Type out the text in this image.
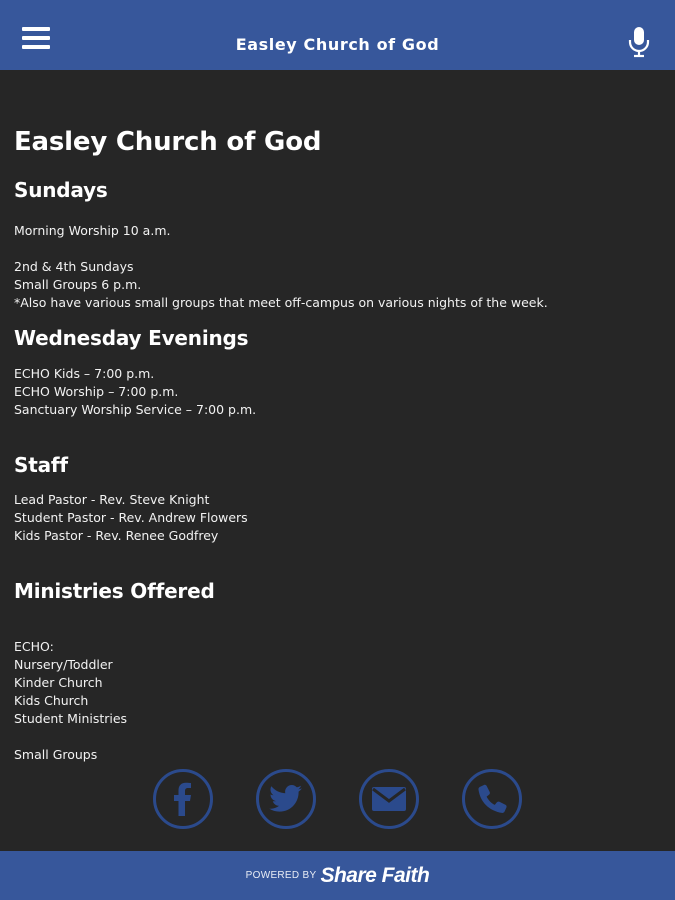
Easley Church of God
Easley Church of God
Sundays
Morning Worship 10 a.m.
2nd & 4th Sundays
Small Groups 6 p.m.
*Also have various small groups that meet off-campus on various nights of the week.
Wednesday Evenings
ECHO Kids – 7:00 p.m.
ECHO Worship – 7:00 p.m.
Sanctuary Worship Service – 7:00 p.m.
Staff
Lead Pastor - Rev. Steve Knight
Student Pastor - Rev. Andrew Flowers
Kids Pastor - Rev. Renee Godfrey
Ministries Offered
ECHO:
Nursery/Toddler
Kinder Church
Kids Church
Student Ministries
Small Groups
POWERED BY Share Faith
